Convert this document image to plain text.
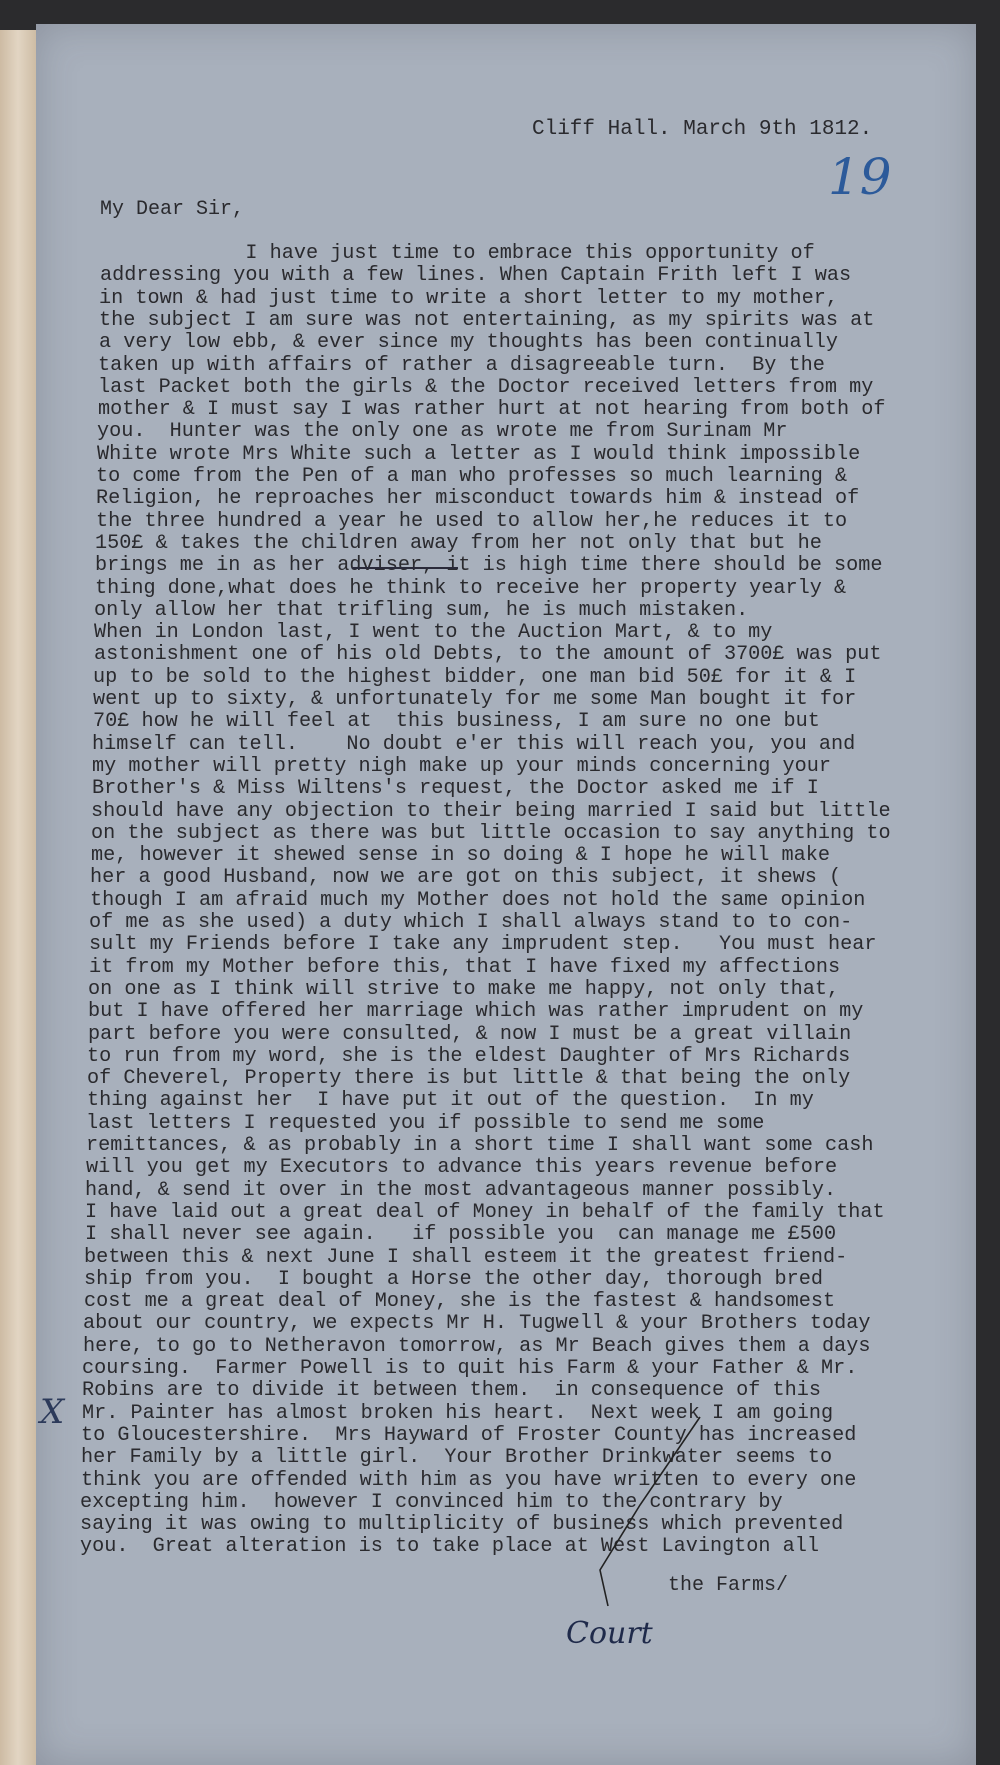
Cliff Hall. March 9th 1812.
19
My Dear Sir,
I have just time to embrace this opportunity of
addressing you with a few lines. When Captain Frith left I was
in town & had just time to write a short letter to my mother,
the subject I am sure was not entertaining, as my spirits was at
a very low ebb, & ever since my thoughts has been continually
taken up with affairs of rather a disagreeable turn.  By the
last Packet both the girls & the Doctor received letters from my
mother & I must say I was rather hurt at not hearing from both of
you.  Hunter was the only one as wrote me from Surinam Mr
White wrote Mrs White such a letter as I would think impossible
to come from the Pen of a man who professes so much learning &
Religion, he reproaches her misconduct towards him & instead of
the three hundred a year he used to allow her,he reduces it to
150£ & takes the children away from her not only that but he
brings me in as her adviser, it is high time there should be some
thing done,what does he think to receive her property yearly &
only allow her that trifling sum, he is much mistaken.
When in London last, I went to the Auction Mart, & to my
astonishment one of his old Debts, to the amount of 3700£ was put
up to be sold to the highest bidder, one man bid 50£ for it & I
went up to sixty, & unfortunately for me some Man bought it for
70£ how he will feel at  this business, I am sure no one but
himself can tell.    No doubt e'er this will reach you, you and
my mother will pretty nigh make up your minds concerning your
Brother's & Miss Wiltens's request, the Doctor asked me if I
should have any objection to their being married I said but little
on the subject as there was but little occasion to say anything to
me, however it shewed sense in so doing & I hope he will make
her a good Husband, now we are got on this subject, it shews (
though I am afraid much my Mother does not hold the same opinion
of me as she used) a duty which I shall always stand to to con-
sult my Friends before I take any imprudent step.   You must hear
it from my Mother before this, that I have fixed my affections
on one as I think will strive to make me happy, not only that,
but I have offered her marriage which was rather imprudent on my
part before you were consulted, & now I must be a great villain
to run from my word, she is the eldest Daughter of Mrs Richards
of Cheverel, Property there is but little & that being the only
thing against her  I have put it out of the question.  In my
last letters I requested you if possible to send me some
remittances, & as probably in a short time I shall want some cash
will you get my Executors to advance this years revenue before
hand, & send it over in the most advantageous manner possibly.
I have laid out a great deal of Money in behalf of the family that
I shall never see again.   if possible you  can manage me £500
between this & next June I shall esteem it the greatest friend-
ship from you.  I bought a Horse the other day, thorough bred
cost me a great deal of Money, she is the fastest & handsomest
about our country, we expects Mr H. Tugwell & your Brothers today
here, to go to Netheravon tomorrow, as Mr Beach gives them a days
coursing.  Farmer Powell is to quit his Farm & your Father & Mr.
Robins are to divide it between them.  in consequence of this
Mr. Painter has almost broken his heart.  Next week I am going
to Gloucestershire.  Mrs Hayward of Froster County has increased
her Family by a little girl.  Your Brother Drinkwater seems to
think you are offended with him as you have written to every one
excepting him.  however I convinced him to the contrary by
saying it was owing to multiplicity of business which prevented
you.  Great alteration is to take place at West Lavington all
X
the Farms/
Court
